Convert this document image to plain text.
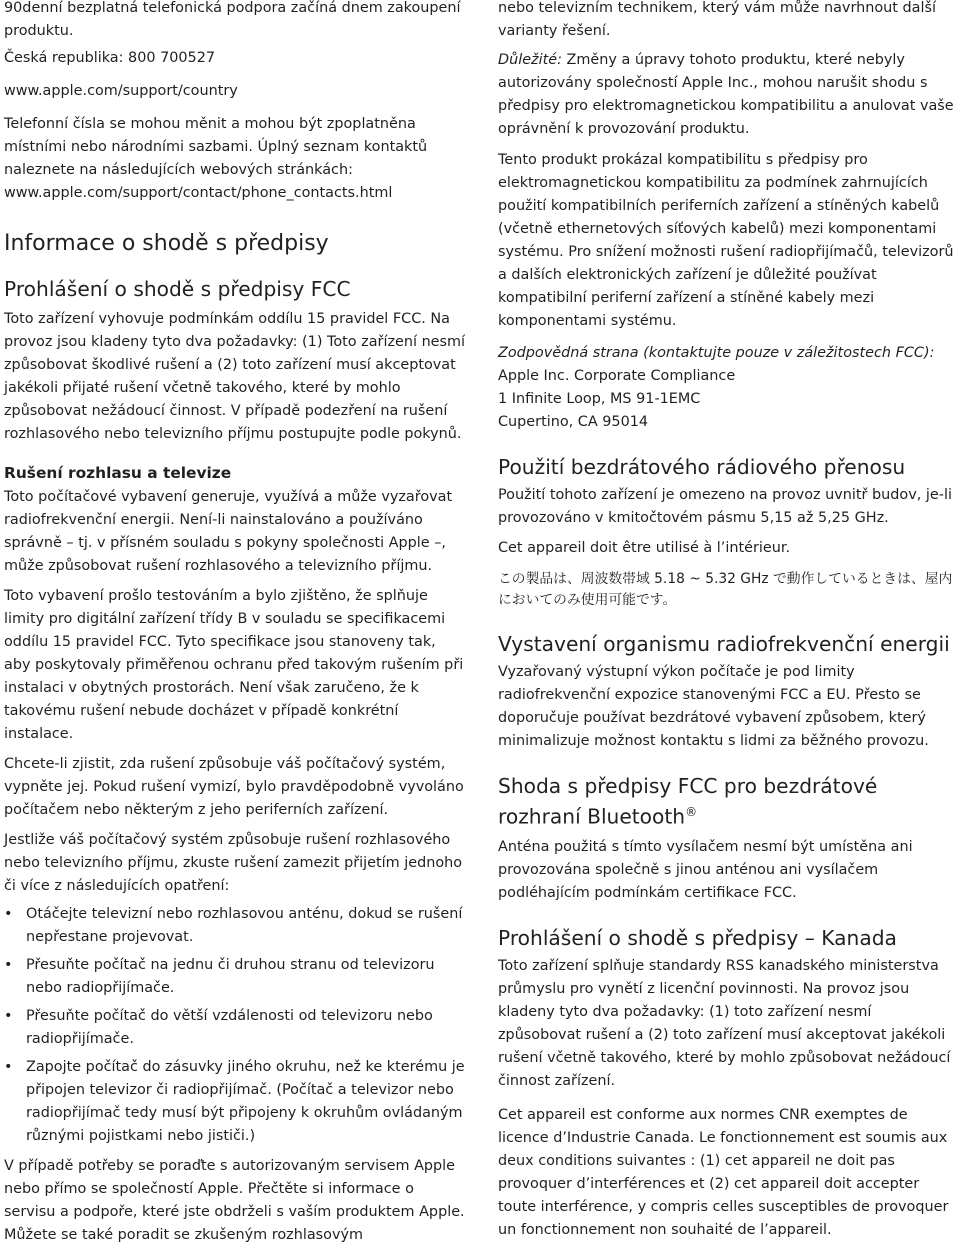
90denní bezplatná telefonická podpora začíná dnem zakoupení produktu.

Česká republika: 800 700527

www.apple.com/support/country

Telefonní čísla se mohou měnit a mohou být zpoplatněna místními nebo národními sazbami. Úplný seznam kontaktů naleznete na následujících webových stránkách:

www.apple.com/support/contact/phone_contacts.html

Informace o shodě s předpisy
Prohlášení o shodě s předpisy FCC

Toto zařízení vyhovuje podmínkám oddílu 15 pravidel FCC. Na provoz jsou kladeny tyto dva požadavky: (1) Toto zařízení nesmí způsobovat škodlivé rušení a (2) toto zařízení musí akceptovat jakékoli přijaté rušení včetně takového, které by mohlo způsobovat nežádoucí činnost. V případě podezření na rušení rozhlasového nebo televizního příjmu postupujte podle pokynů.

Rušení rozhlasu a televize

Toto počítačové vybavení generuje, využívá a může vyzařovat radiofrekvenční energii. Není-li nainstalováno a používáno správně – tj. v přísném souladu s pokyny společnosti Apple –, může způsobovat rušení rozhlasového a televizního příjmu.

Toto vybavení prošlo testováním a bylo zjištěno, že splňuje limity pro digitální zařízení třídy B v souladu se specifikacemi oddílu 15 pravidel FCC. Tyto specifikace jsou stanoveny tak, aby poskytovaly přiměřenou ochranu před takovým rušením při instalaci v obytných prostorách. Není však zaručeno, že k takovému rušení nebude docházet v případě konkrétní instalace.

Chcete-li zjistit, zda rušení způsobuje váš počítačový systém, vypněte jej. Pokud rušení vymizí, bylo pravděpodobně vyvoláno počítačem nebo některým z jeho periferních zařízení.

Jestliže váš počítačový systém způsobuje rušení rozhlasového nebo televizního příjmu, zkuste rušení zamezit přijetím jednoho či více z následujících opatření:

• Otáčejte televizní nebo rozhlasovou anténu, dokud se rušení nepřestane projevovat.
• Přesuňte počítač na jednu či druhou stranu od televizoru nebo radiopřijímače.
• Přesuňte počítač do větší vzdálenosti od televizoru nebo radiopřijímače.
• Zapojte počítač do zásuvky jiného okruhu, než ke kterému je připojen televizor či radiopřijímač. (Počítač a televizor nebo radiopřijímač tedy musí být připojeny k okruhům ovládaným různými pojistkami nebo jističi.)

V případě potřeby se poraďte s autorizovaným servisem Apple nebo přímo se společností Apple. Přečtěte si informace o servisu a podpoře, které jste obdrželi s vaším produktem Apple. Můžete se také poradit se zkušeným rozhlasovým

nebo televizním technikem, který vám může navrhnout další varianty řešení.

Důležité: Změny a úpravy tohoto produktu, které nebyly autorizovány společností Apple Inc., mohou narušit shodu s předpisy pro elektromagnetickou kompatibilitu a anulovat vaše oprávnění k provozování produktu.

Tento produkt prokázal kompatibilitu s předpisy pro elektromagnetickou kompatibilitu za podmínek zahrnujících použití kompatibilních periferních zařízení a stíněných kabelů (včetně ethernetových síťových kabelů) mezi komponentami systému. Pro snížení možnosti rušení radiopřijímačů, televizorů a dalších elektronických zařízení je důležité používat kompatibilní periferní zařízení a stíněné kabely mezi komponentami systému.

Zodpovědná strana (kontaktujte pouze v záležitostech FCC):

Apple Inc. Corporate Compliance

1 Infinite Loop, MS 91-1EMC

Cupertino, CA 95014

Použití bezdrátového rádiového přenosu

Použití tohoto zařízení je omezeno na provoz uvnitř budov, je-li provozováno v kmitočtovém pásmu 5,15 až 5,25 GHz.

Cet appareil doit être utilisé à l’intérieur.

この製品は、周波数帯域 5.18 ~ 5.32 GHz で動作しているときは、屋内においてのみ使用可能です。

Vystavení organismu radiofrekvenční energii

Vyzařovaný výstupní výkon počítače je pod limity radiofrekvenční expozice stanovenými FCC a EU. Přesto se doporučuje používat bezdrátové vybavení způsobem, který minimalizuje možnost kontaktu s lidmi za běžného provozu.

Shoda s předpisy FCC pro bezdrátové rozhraní Bluetooth®

Anténa použitá s tímto vysílačem nesmí být umístěna ani provozována společně s jinou anténou ani vysílačem podléhajícím podmínkám certifikace FCC.

Prohlášení o shodě s předpisy – Kanada

Toto zařízení splňuje standardy RSS kanadského ministerstva průmyslu pro vynětí z licenční povinnosti. Na provoz jsou kladeny tyto dva požadavky: (1) toto zařízení nesmí způsobovat rušení a (2) toto zařízení musí akceptovat jakékoli rušení včetně takového, které by mohlo způsobovat nežádoucí činnost zařízení.

Cet appareil est conforme aux normes CNR exemptes de licence d’Industrie Canada. Le fonctionnement est soumis aux deux conditions suivantes : (1) cet appareil ne doit pas provoquer d’interférences et (2) cet appareil doit accepter toute interférence, y compris celles susceptibles de provoquer un fonctionnement non souhaité de l’appareil.
